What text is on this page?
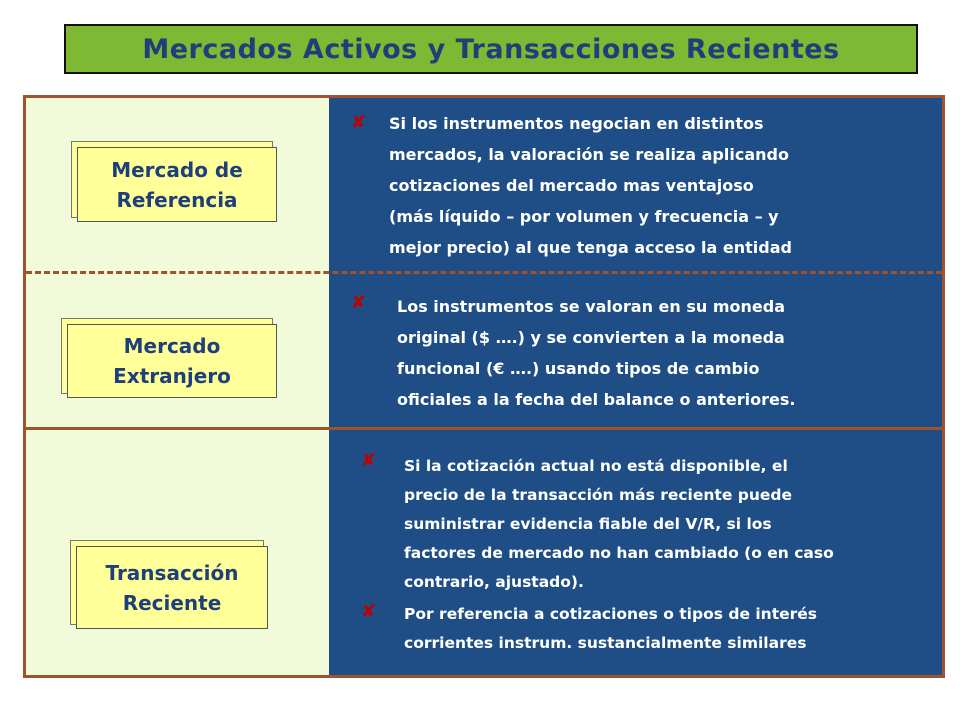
Mercados Activos y Transacciones Recientes
Mercado de
Referencia
✘ Si los instrumentos negocian en distintos
mercados, la valoración se realiza aplicando
cotizaciones del mercado mas ventajoso
(más líquido – por volumen y frecuencia – y
mejor precio) al que tenga acceso la entidad
Mercado
Extranjero
✘ Los instrumentos se valoran en su moneda
original ($ ….) y se convierten a la moneda
funcional (€ ….) usando tipos de cambio
oficiales a la fecha del balance o anteriores.
Transacción
Reciente
✘ Si la cotización actual no está disponible, el
precio de la transacción más reciente puede
suministrar evidencia fiable del V/R, si los
factores de mercado no han cambiado (o en caso
contrario, ajustado).
✘ Por referencia a cotizaciones o tipos de interés
corrientes instrum. sustancialmente similares
